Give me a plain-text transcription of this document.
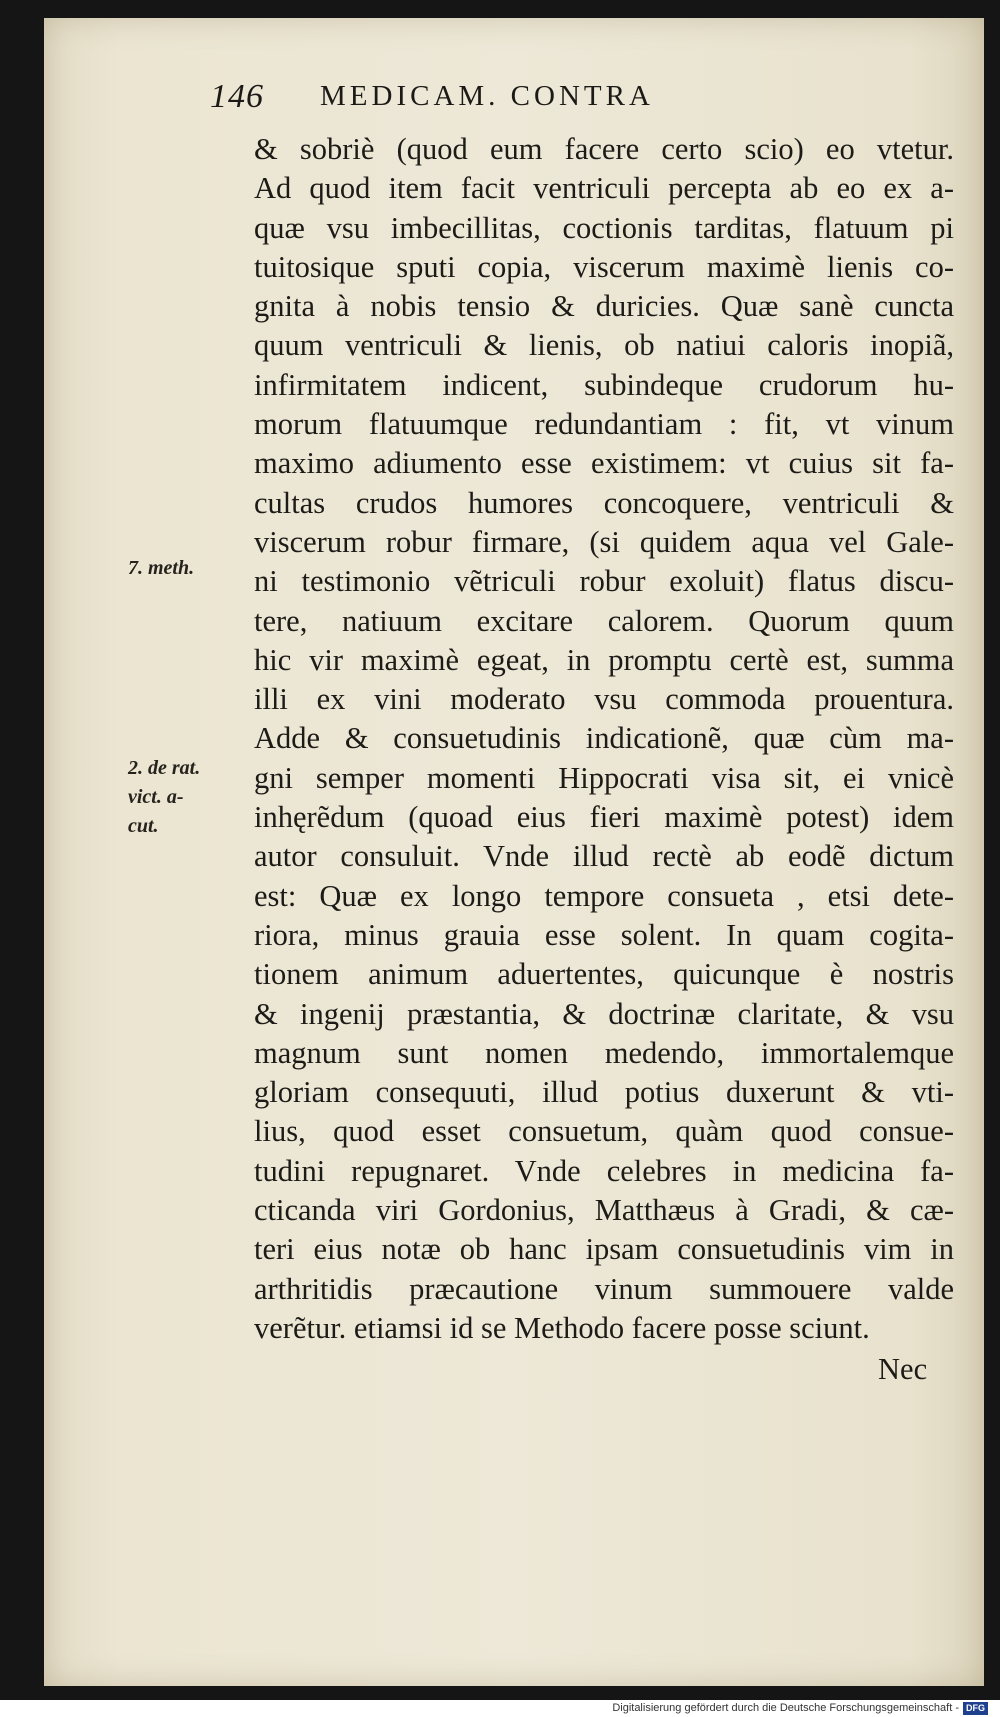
146 MEDICAM. CONTRA
7. meth.
2. de rat.
vict. a-
cut.
& sobriè (quod eum facere certo scio) eo vtetur.
Ad quod item facit ventriculi percepta ab eo ex a-
quæ vsu imbecillitas, coctionis tarditas, flatuum pi
tuitosique sputi copia, viscerum maximè lienis co-
gnita à nobis tensio & duricies. Quæ sanè cuncta
quum ventriculi & lienis, ob natiui caloris inopiã,
infirmitatem indicent, subindeque crudorum hu-
morum flatuumque redundantiam : fit, vt vinum
maximo adiumento esse existimem: vt cuius sit fa-
cultas crudos humores concoquere, ventriculi &
viscerum robur firmare, (si quidem aqua vel Gale-
ni testimonio vẽtriculi robur exoluit) flatus discu-
tere, natiuum excitare calorem. Quorum quum
hic vir maximè egeat, in promptu certè est, summa
illi ex vini moderato vsu commoda prouentura.
Adde & consuetudinis indicationẽ, quæ cùm ma-
gni semper momenti Hippocrati visa sit, ei vnicè
inhęrẽdum (quoad eius fieri maximè potest) idem
autor consuluit. Vnde illud rectè ab eodẽ dictum
est: Quæ ex longo tempore consueta , etsi dete-
riora, minus grauia esse solent. In quam cogita-
tionem animum aduertentes, quicunque è nostris
& ingenij præstantia, & doctrinæ claritate, & vsu
magnum sunt nomen medendo, immortalemque
gloriam consequuti, illud potius duxerunt & vti-
lius, quod esset consuetum, quàm quod consue-
tudini repugnaret. Vnde celebres in medicina fa-
cticanda viri Gordonius, Matthæus à Gradi, & cæ-
teri eius notæ ob hanc ipsam consuetudinis vim in
arthritidis præcautione vinum summouere valde
verẽtur. etiamsi id se Methodo facere posse sciunt.
Nec
Digitalisierung gefördert durch die Deutsche Forschungsgemeinschaft - DFG
